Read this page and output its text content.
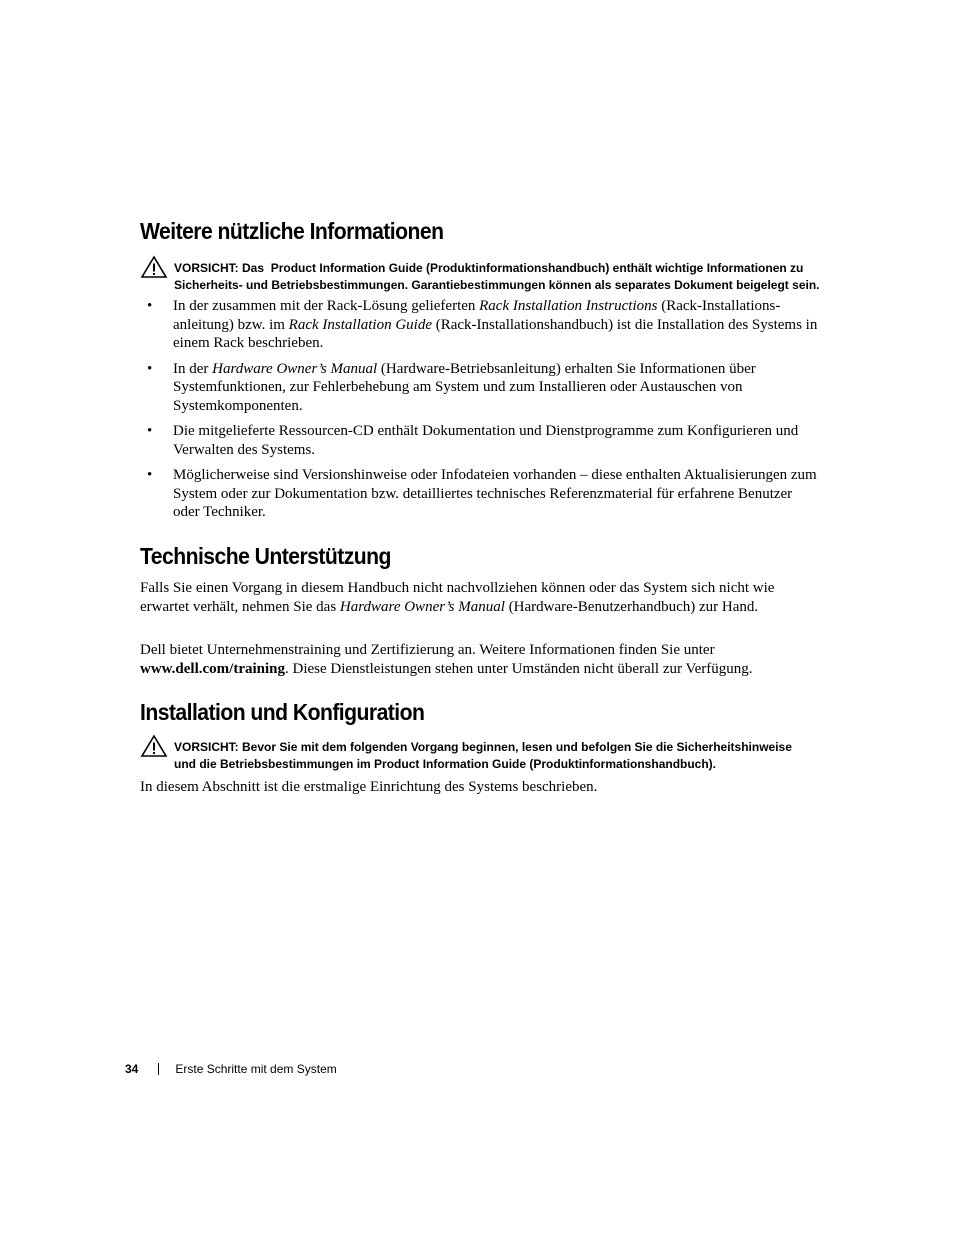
Weitere nützliche Informationen
VORSICHT: Das  Product Information Guide (Produktinformationshandbuch) enthält wichtige Informationen zu
Sicherheits- und Betriebsbestimmungen. Garantiebestimmungen können als separates Dokument beigelegt sein.
• In der zusammen mit der Rack-Lösung gelieferten Rack Installation Instructions (Rack-Installations-anleitung) bzw. im Rack Installation Guide (Rack-Installationshandbuch) ist die Installation des Systems in einem Rack beschrieben.
• In der Hardware Owner’s Manual (Hardware-Betriebsanleitung) erhalten Sie Informationen über Systemfunktionen, zur Fehlerbehebung am System und zum Installieren oder Austauschen von Systemkomponenten.
• Die mitgelieferte Ressourcen-CD enthält Dokumentation und Dienstprogramme zum Konfigurieren und Verwalten des Systems.
• Möglicherweise sind Versionshinweise oder Infodateien vorhanden – diese enthalten Aktualisierungen zum System oder zur Dokumentation bzw. detailliertes technisches Referenzmaterial für erfahrene Benutzer oder Techniker.
Technische Unterstützung

Falls Sie einen Vorgang in diesem Handbuch nicht nachvollziehen können oder das System sich nicht wie erwartet verhält, nehmen Sie das Hardware Owner’s Manual (Hardware-Benutzerhandbuch) zur Hand.

Dell bietet Unternehmenstraining und Zertifizierung an. Weitere Informationen finden Sie unter www.dell.com/training. Diese Dienstleistungen stehen unter Umständen nicht überall zur Verfügung.

Installation und Konfiguration
VORSICHT: Bevor Sie mit dem folgenden Vorgang beginnen, lesen und befolgen Sie die Sicherheitshinweise
und die Betriebsbestimmungen im Product Information Guide (Produktinformationshandbuch).

In diesem Abschnitt ist die erstmalige Einrichtung des Systems beschrieben.

34	Erste Schritte mit dem System
